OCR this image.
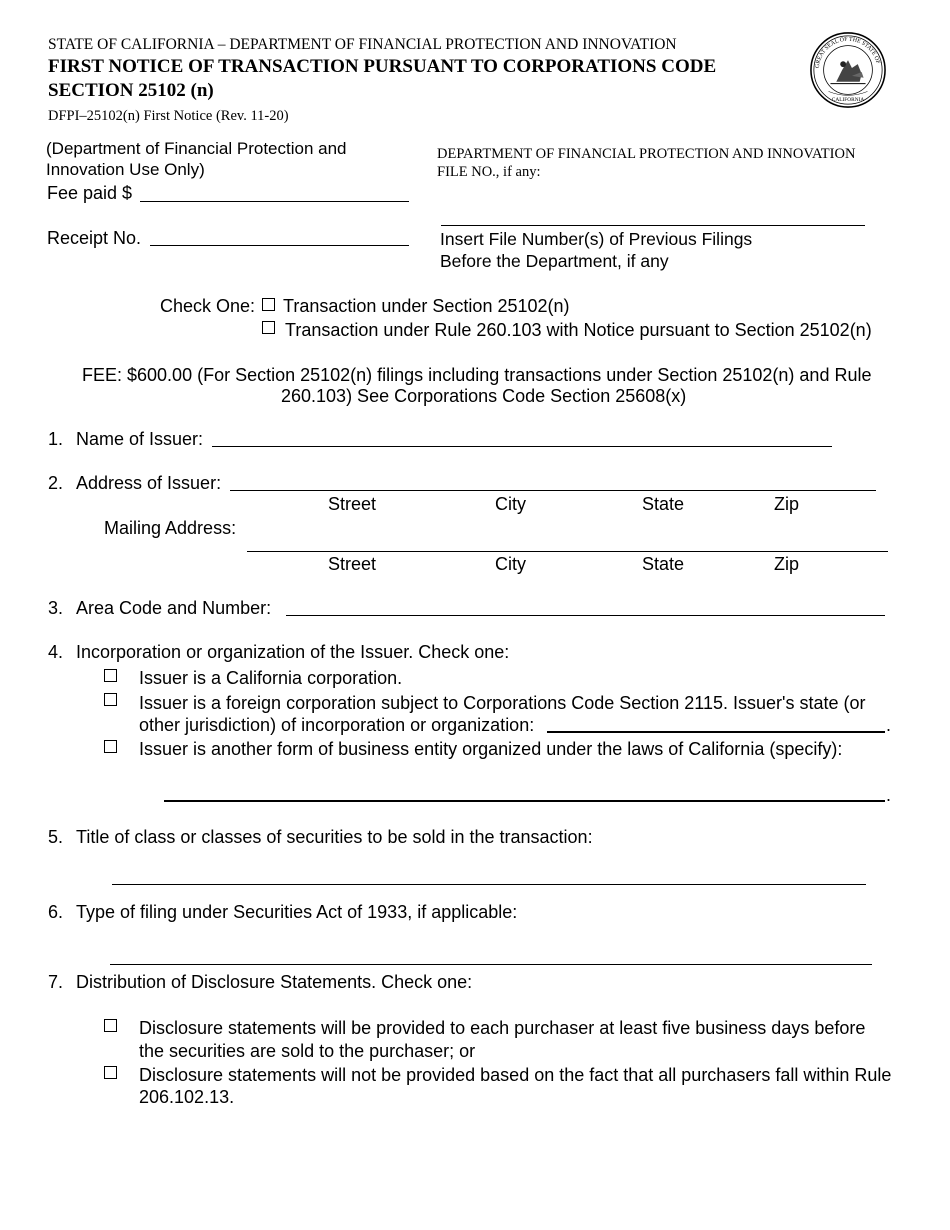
STATE OF CALIFORNIA – DEPARTMENT OF FINANCIAL PROTECTION AND INNOVATION
FIRST NOTICE OF TRANSACTION PURSUANT TO CORPORATIONS CODE
SECTION 25102 (n)
DFPI–25102(n) First Notice (Rev. 11-20)
GREAT SEAL OF THE STATE OF
CALIFORNIA
(Department of Financial Protection and
Innovation Use Only)
Fee paid $
Receipt No.
DEPARTMENT OF FINANCIAL PROTECTION AND INNOVATION
FILE NO., if any:
Insert File Number(s) of Previous Filings
Before the Department, if any
Check One: Transaction under Section 25102(n)
Transaction under Rule 260.103 with Notice pursuant to Section 25102(n)
FEE: $600.00 (For Section 25102(n) filings including transactions under Section 25102(n) and Rule
260.103) See Corporations Code Section 25608(x)
1. Name of Issuer:
2. Address of Issuer:
Street	City	State	Zip
Mailing Address:
Street	City	State	Zip
3. Area Code and Number:
4. Incorporation or organization of the Issuer. Check one:
Issuer is a California corporation.
Issuer is a foreign corporation subject to Corporations Code Section 2115. Issuer's state (or
other jurisdiction) of incorporation or organization:	.
Issuer is another form of business entity organized under the laws of California (specify):
.
5. Title of class or classes of securities to be sold in the transaction:
6. Type of filing under Securities Act of 1933, if applicable:
7. Distribution of Disclosure Statements. Check one:
Disclosure statements will be provided to each purchaser at least five business days before
the securities are sold to the purchaser; or
Disclosure statements will not be provided based on the fact that all purchasers fall within Rule
206.102.13.
